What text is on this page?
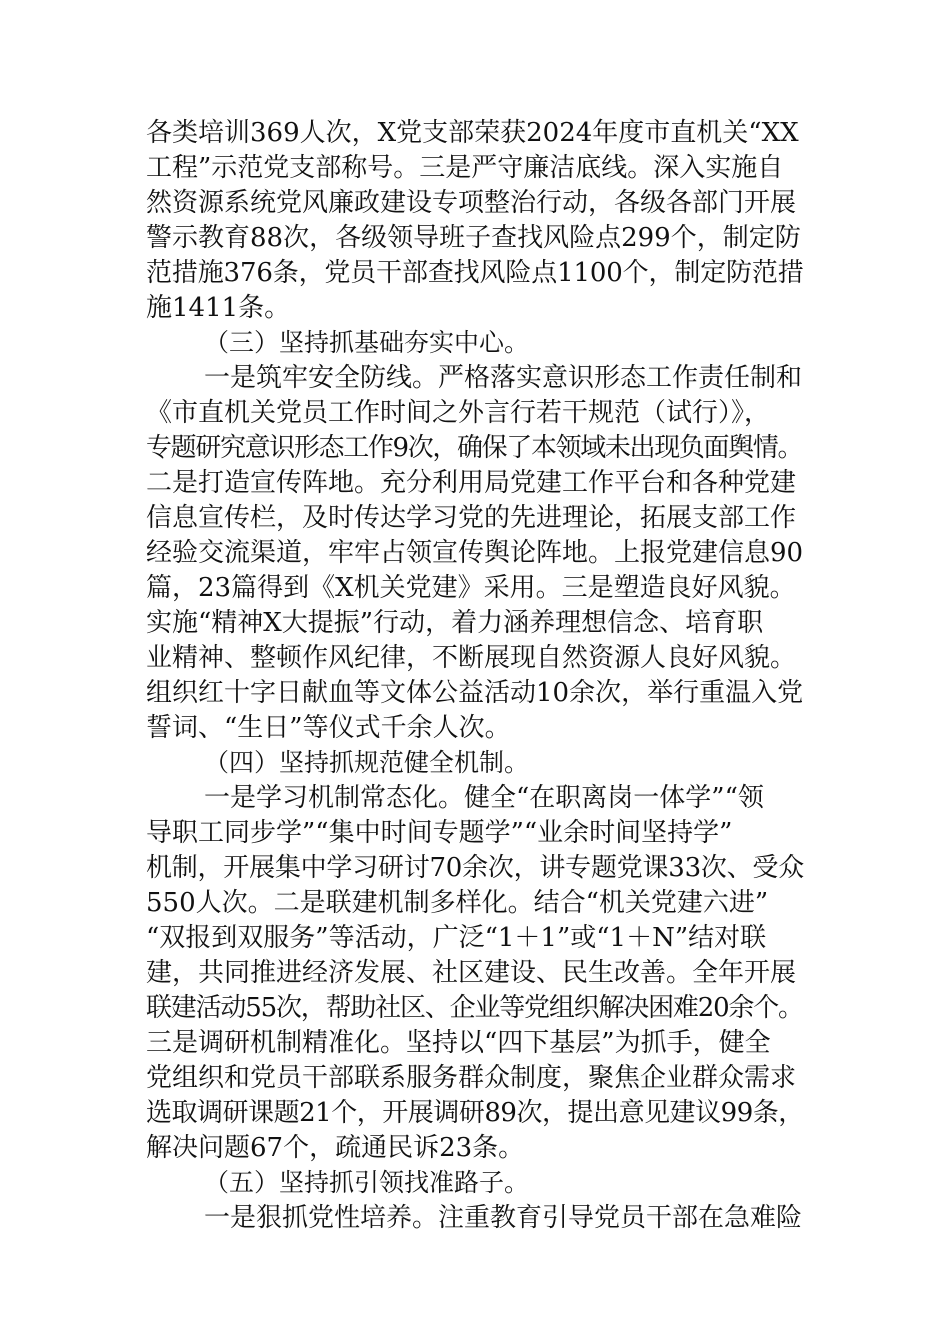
各类培训369人次，X党支部荣获2024年度市直机关“XX
工程”示范党支部称号。三是严守廉洁底线。深入实施自
然资源系统党风廉政建设专项整治行动，各级各部门开展
警示教育88次，各级领导班子查找风险点299个，制定防
范措施376条，党员干部查找风险点1100个，制定防范措
施1411条。
（三）坚持抓基础夯实中心。
一是筑牢安全防线。严格落实意识形态工作责任制和
《市直机关党员工作时间之外言行若干规范（试行）》，
专题研究意识形态工作9次，确保了本领域未出现负面舆情。
二是打造宣传阵地。充分利用局党建工作平台和各种党建
信息宣传栏，及时传达学习党的先进理论，拓展支部工作
经验交流渠道，牢牢占领宣传舆论阵地。上报党建信息90
篇，23篇得到《X机关党建》采用。三是塑造良好风貌。
实施“精神X大提振”行动，着力涵养理想信念、培育职
业精神、整顿作风纪律，不断展现自然资源人良好风貌。
组织红十字日献血等文体公益活动10余次，举行重温入党
誓词、“生日”等仪式千余人次。
（四）坚持抓规范健全机制。
一是学习机制常态化。健全“在职离岗一体学”“领
导职工同步学”“集中时间专题学”“业余时间坚持学”
机制，开展集中学习研讨70余次，讲专题党课33次、受众
550人次。二是联建机制多样化。结合“机关党建六进”
“双报到双服务”等活动，广泛“1＋1”或“1＋N”结对联
建，共同推进经济发展、社区建设、民生改善。全年开展
联建活动55次，帮助社区、企业等党组织解决困难20余个。
三是调研机制精准化。坚持以“四下基层”为抓手，健全
党组织和党员干部联系服务群众制度，聚焦企业群众需求
选取调研课题21个，开展调研89次，提出意见建议99条，
解决问题67个，疏通民诉23条。
（五）坚持抓引领找准路子。
一是狠抓党性培养。注重教育引导党员干部在急难险
